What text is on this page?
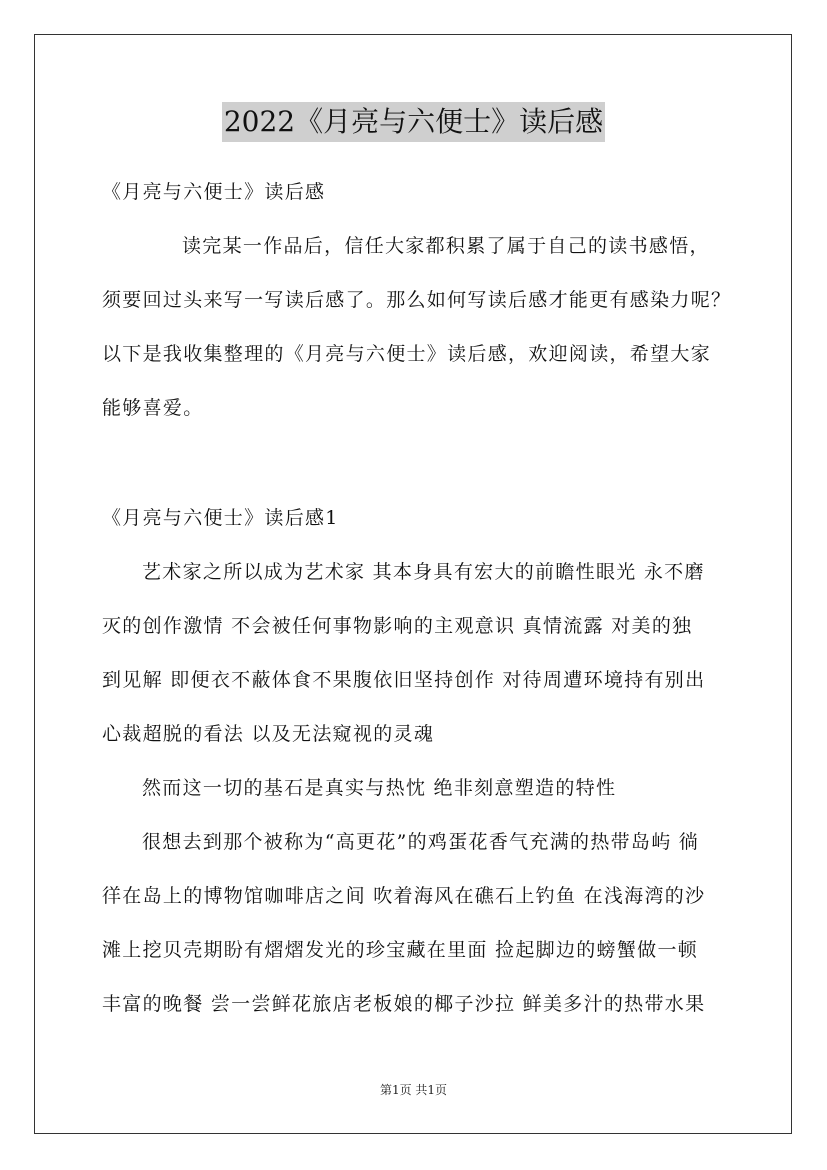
2022《月亮与六便士》读后感
《月亮与六便士》读后感
读完某一作品后，信任大家都积累了属于自己的读书感悟，
须要回过头来写一写读后感了。那么如何写读后感才能更有感染力呢？
以下是我收集整理的《月亮与六便士》读后感，欢迎阅读，希望大家
能够喜爱。
《月亮与六便士》读后感1
艺术家之所以成为艺术家 其本身具有宏大的前瞻性眼光 永不磨
灭的创作激情 不会被任何事物影响的主观意识 真情流露 对美的独
到见解 即便衣不蔽体食不果腹依旧坚持创作 对待周遭环境持有别出
心裁超脱的看法 以及无法窥视的灵魂
然而这一切的基石是真实与热忱 绝非刻意塑造的特性
很想去到那个被称为“高更花”的鸡蛋花香气充满的热带岛屿 徜
徉在岛上的博物馆咖啡店之间 吹着海风在礁石上钓鱼 在浅海湾的沙
滩上挖贝壳期盼有熠熠发光的珍宝藏在里面 捡起脚边的螃蟹做一顿
丰富的晚餐 尝一尝鲜花旅店老板娘的椰子沙拉 鲜美多汁的热带水果
第1页 共1页
